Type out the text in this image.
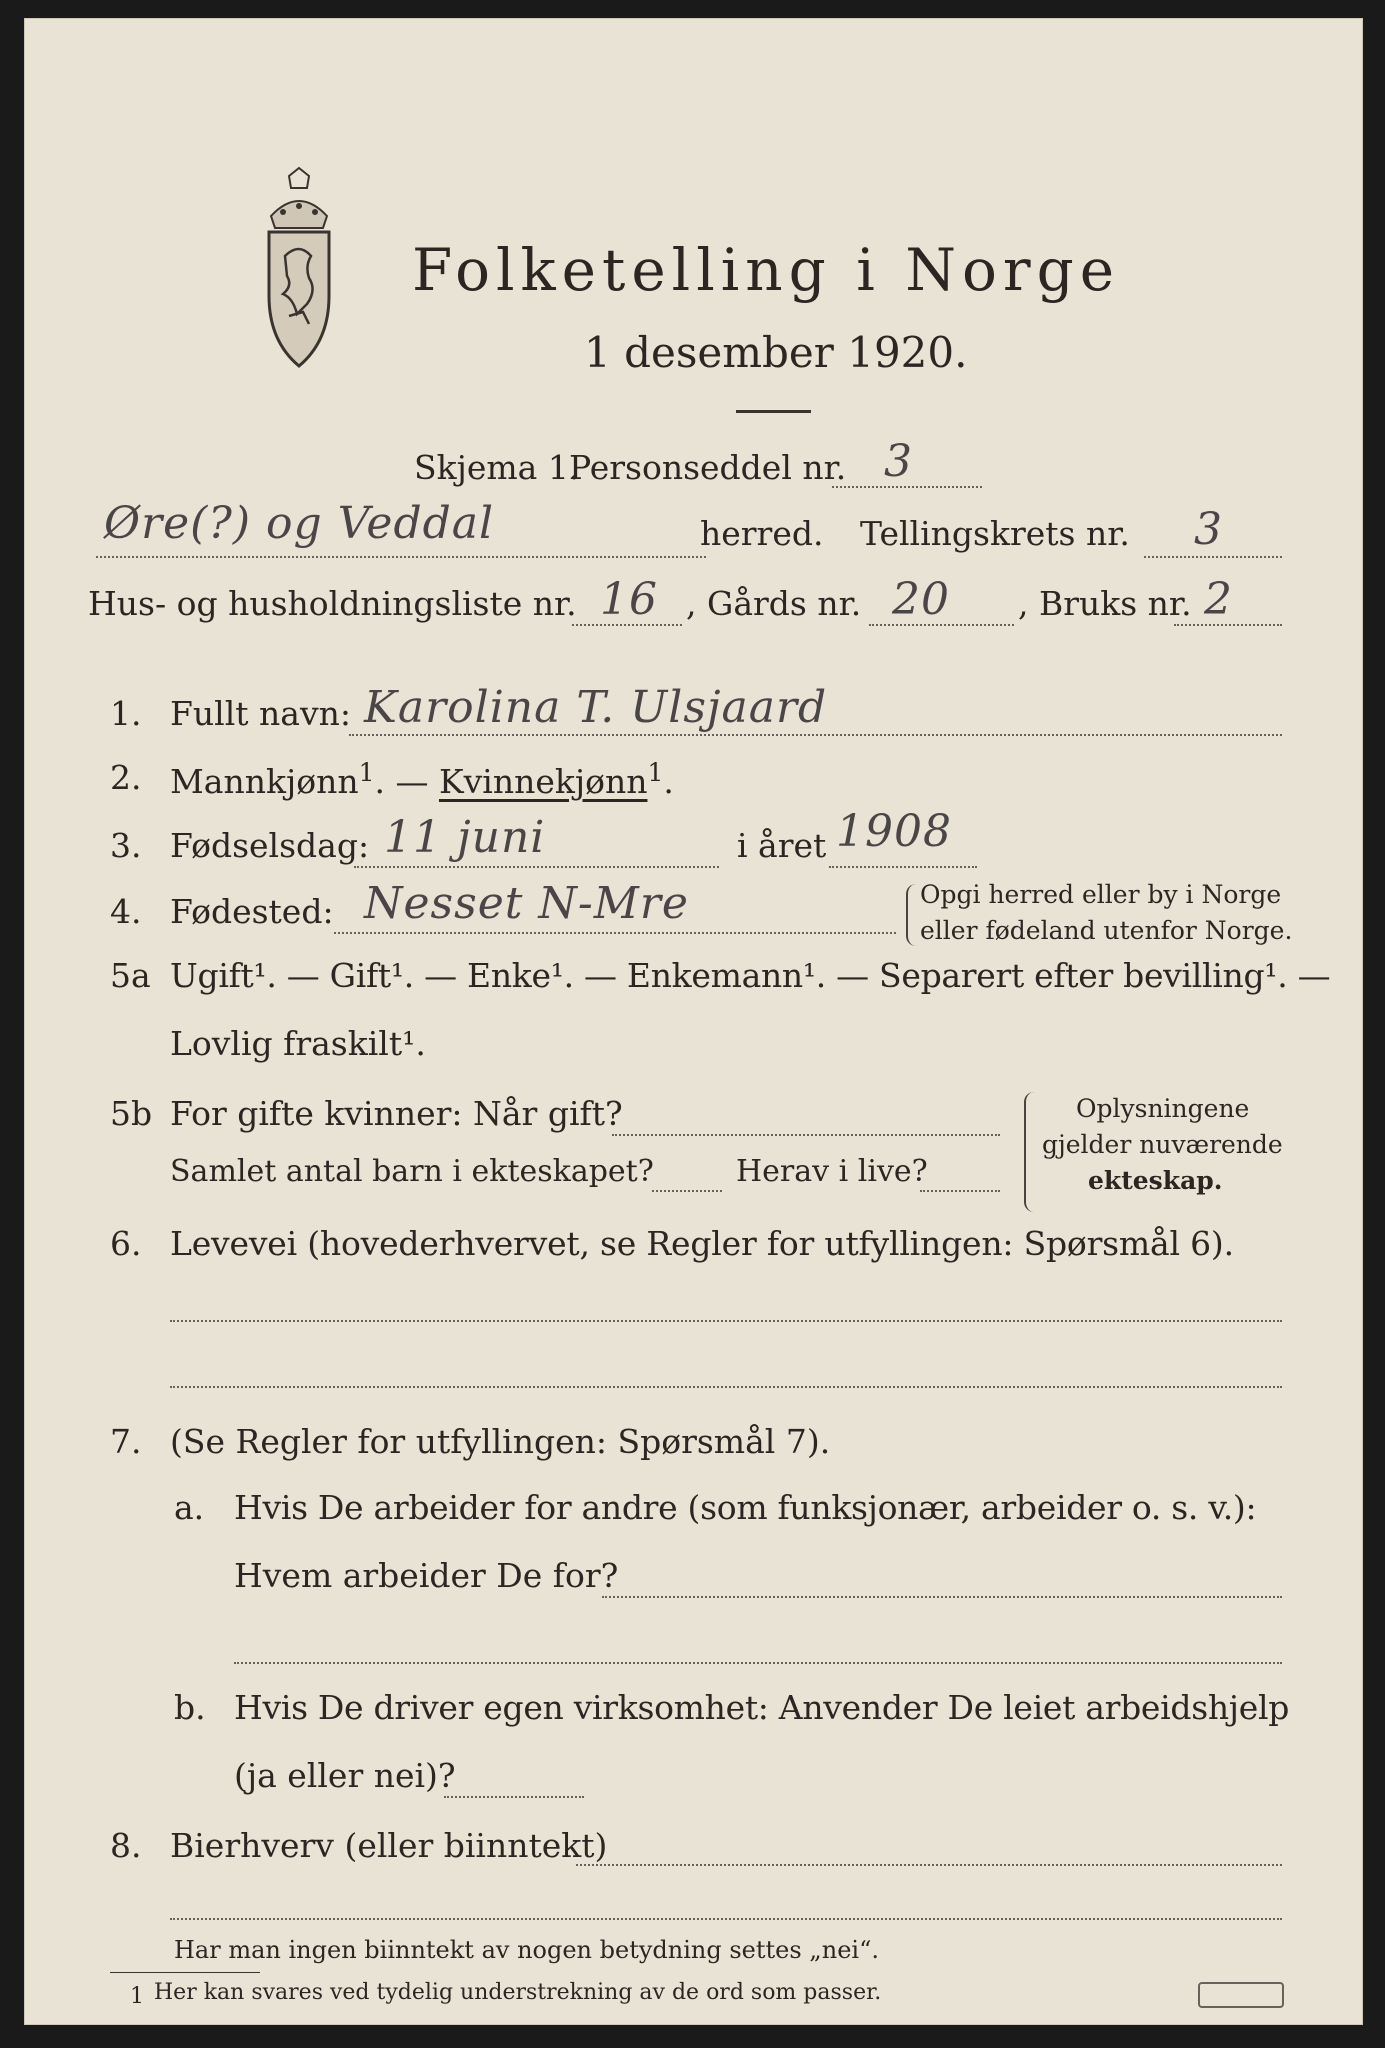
Folketelling i Norge
1 desember 1920.
Skjema 1.
Personseddel nr. 3
Øre(?) og Veddal	herred. Tellingskrets nr. 3
Hus- og husholdningsliste nr. 16 , Gårds nr. 20 , Bruks nr. 2
1. Fullt navn: Karolina T. Ulsjaard
2. Mannkjønn$^1$. — Kvinnekjønn$^1$.
3. Fødselsdag: 11 juni	i året 1908
4. Fødested: Nesset N-Mre	Opgi herred eller by i Norge
eller fødeland utenfor Norge.
5a Ugift¹. — Gift¹. — Enke¹. — Enkemann¹. — Separert efter bevilling¹. —
Lovlig fraskilt¹.
5b For gifte kvinner: Når gift?
Samlet antal barn i ekteskapet?	Herav i live?
Oplysningene
gjelder nuværende
ekteskap.
6. Levevei (hovederhvervet, se Regler for utfyllingen: Spørsmål 6).
7. (Se Regler for utfyllingen: Spørsmål 7).
a. Hvis De arbeider for andre (som funksjonær, arbeider o. s. v.):
Hvem arbeider De for?
b. Hvis De driver egen virksomhet: Anvender De leiet arbeidshjelp
(ja eller nei)?
8. Bierhverv (eller biinntekt)
Har man ingen biinntekt av nogen betydning settes „nei“.
1 Her kan svares ved tydelig understrekning av de ord som passer.
